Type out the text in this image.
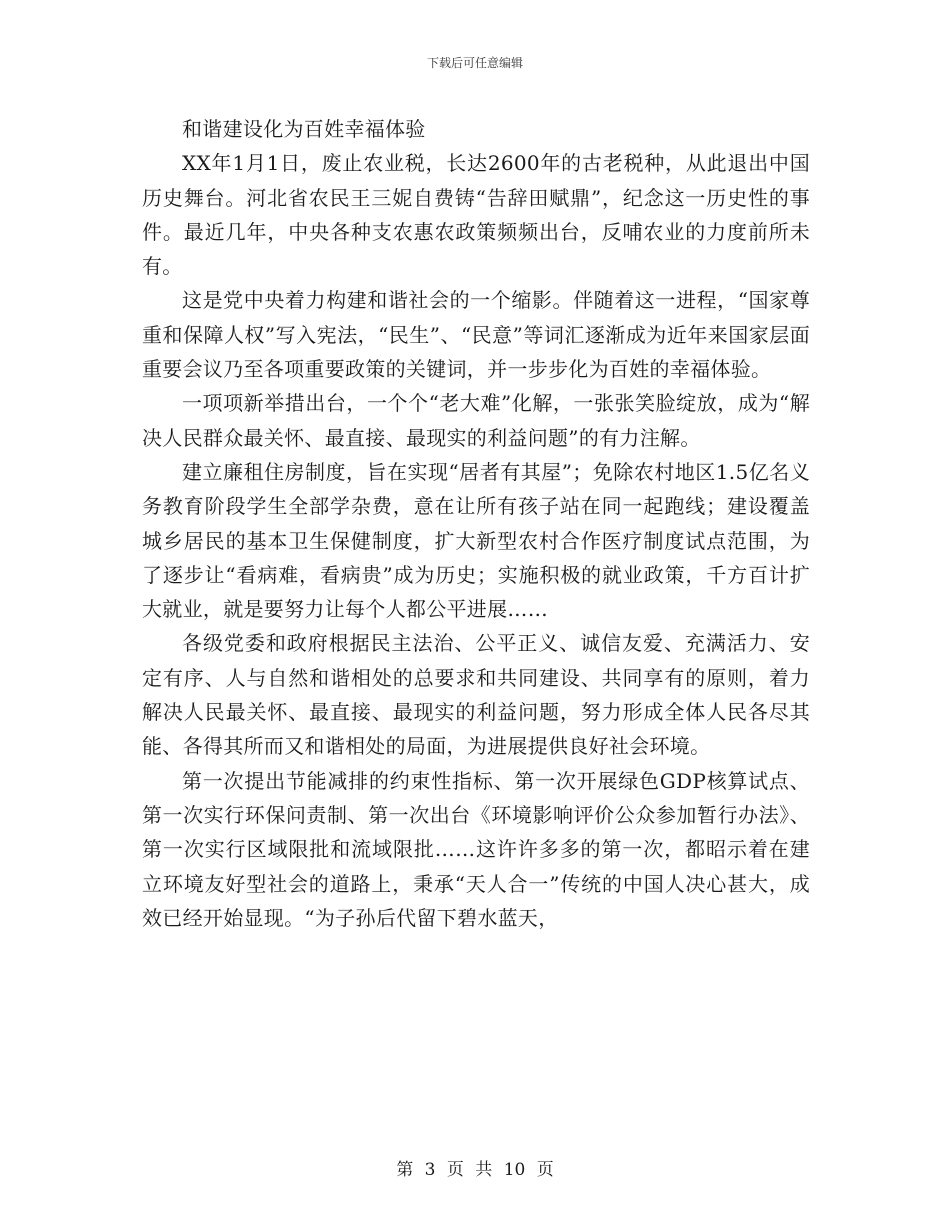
下载后可任意编辑

和谐建设化为百姓幸福体验

XX年1月1日，废止农业税，长达2600年的古老税种，从此退出中国历史舞台。河北省农民王三妮自费铸“告辞田赋鼎”，纪念这一历史性的事件。最近几年，中央各种支农惠农政策频频出台，反哺农业的力度前所未有。

这是党中央着力构建和谐社会的一个缩影。伴随着这一进程，“国家尊重和保障人权”写入宪法，“民生”、“民意”等词汇逐渐成为近年来国家层面重要会议乃至各项重要政策的关键词，并一步步化为百姓的幸福体验。

一项项新举措出台，一个个“老大难”化解，一张张笑脸绽放，成为“解决人民群众最关怀、最直接、最现实的利益问题”的有力注解。

建立廉租住房制度，旨在实现“居者有其屋”；免除农村地区1.5亿名义务教育阶段学生全部学杂费，意在让所有孩子站在同一起跑线；建设覆盖城乡居民的基本卫生保健制度，扩大新型农村合作医疗制度试点范围，为了逐步让“看病难，看病贵”成为历史；实施积极的就业政策，千方百计扩大就业，就是要努力让每个人都公平进展……

各级党委和政府根据民主法治、公平正义、诚信友爱、充满活力、安定有序、人与自然和谐相处的总要求和共同建设、共同享有的原则，着力解决人民最关怀、最直接、最现实的利益问题，努力形成全体人民各尽其能、各得其所而又和谐相处的局面，为进展提供良好社会环境。

第一次提出节能减排的约束性指标、第一次开展绿色GDP核算试点、第一次实行环保问责制、第一次出台《环境影响评价公众参加暂行办法》、第一次实行区域限批和流域限批……这许许多多的第一次，都昭示着在建立环境友好型社会的道路上，秉承“天人合一”传统的中国人决心甚大，成效已经开始显现。“为子孙后代留下碧水蓝天，

第 3 页 共 10 页
